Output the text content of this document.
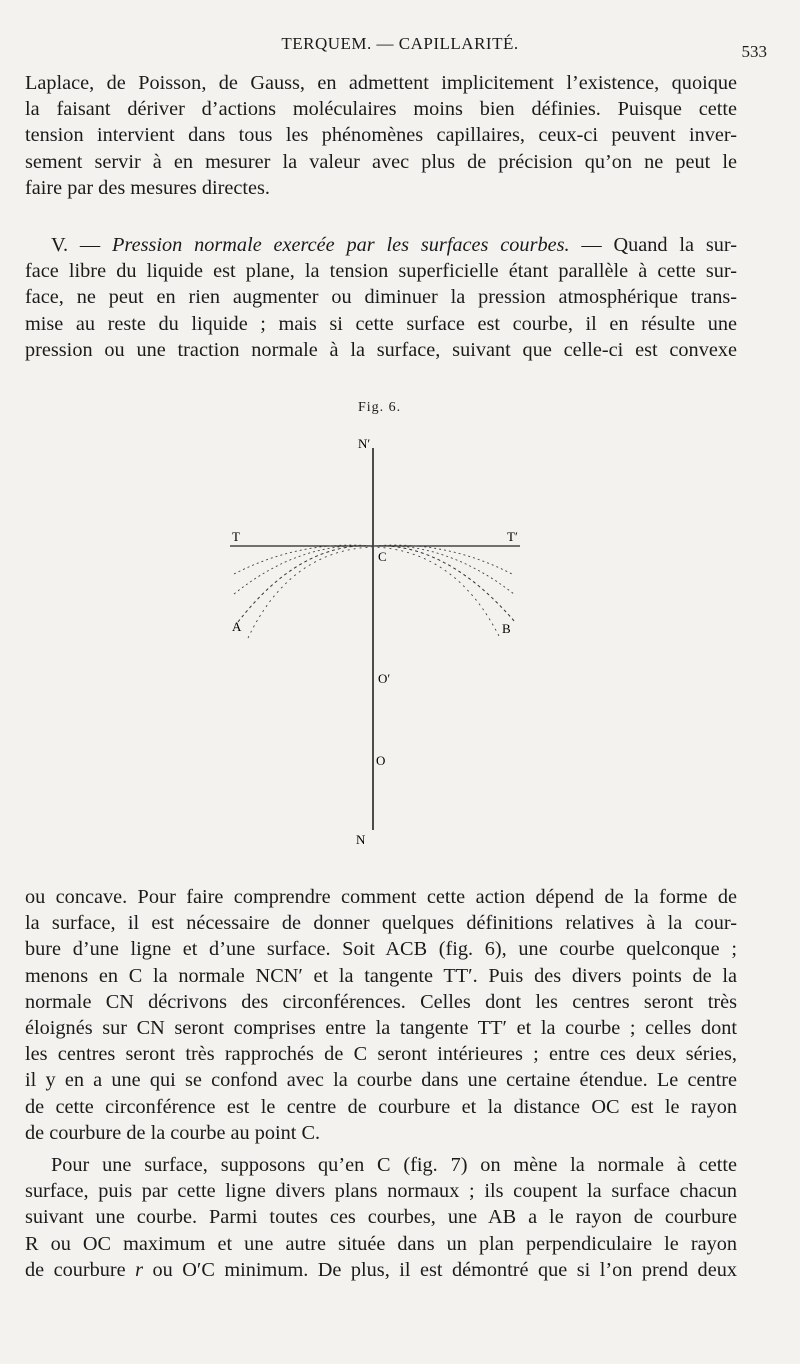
TERQUEM. — CAPILLARITÉ.	533
Laplace, de Poisson, de Gauss, en admettent implicitement l’existence, quoique
la faisant dériver d’actions moléculaires moins bien définies. Puisque cette
tension intervient dans tous les phénomènes capillaires, ceux-ci peuvent inver-
sement servir à en mesurer la valeur avec plus de précision qu’on ne peut le
faire par des mesures directes.
V. — Pression normale exercée par les surfaces courbes. — Quand la sur-
face libre du liquide est plane, la tension superficielle étant parallèle à cette sur-
face, ne peut en rien augmenter ou diminuer la pression atmosphérique trans-
mise au reste du liquide ; mais si cette surface est courbe, il en résulte une
pression ou une traction normale à la surface, suivant que celle-ci est convexe
Fig. 6.
N′
T	T′
C
A	B
O′
O
N
ou concave. Pour faire comprendre comment cette action dépend de la forme de
la surface, il est nécessaire de donner quelques définitions relatives à la cour-
bure d’une ligne et d’une surface. Soit ACB (fig. 6), une courbe quelconque ;
menons en C la normale NCN′ et la tangente TT′. Puis des divers points de la
normale CN décrivons des circonférences. Celles dont les centres seront très
éloignés sur CN seront comprises entre la tangente TT′ et la courbe ; celles dont
les centres seront très rapprochés de C seront intérieures ; entre ces deux séries,
il y en a une qui se confond avec la courbe dans une certaine étendue. Le centre
de cette circonférence est le centre de courbure et la distance OC est le rayon
de courbure de la courbe au point C.
Pour une surface, supposons qu’en C (fig. 7) on mène la normale à cette
surface, puis par cette ligne divers plans normaux ; ils coupent la surface chacun
suivant une courbe. Parmi toutes ces courbes, une AB a le rayon de courbure
R ou OC maximum et une autre située dans un plan perpendiculaire le rayon
de courbure r ou O′C minimum. De plus, il est démontré que si l’on prend deux
